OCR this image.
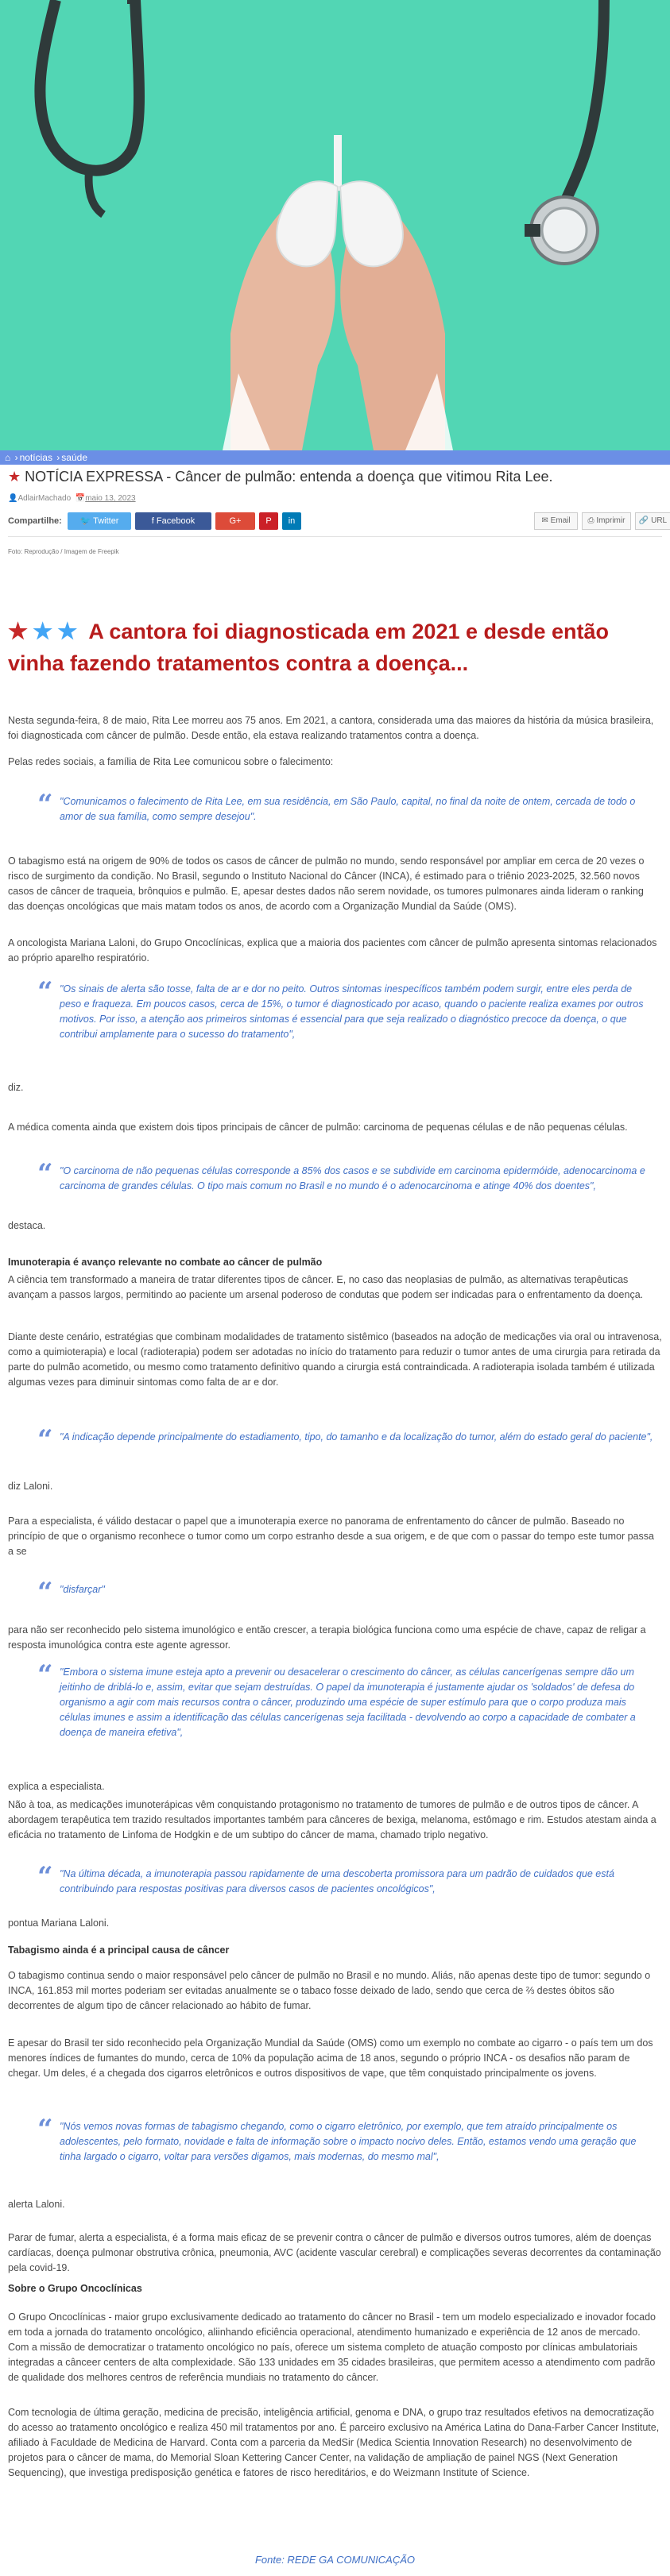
⌂ › notícias › saúde
★ NOTÍCIA EXPRESSA - Câncer de pulmão: entenda a doença que vitimou Rita Lee.
👤AdlairMachado 📅maio 13, 2023
Compartilhe:	🐦 Twitter	f Facebook	G+	P	in	✉ Email	⎙ Imprimir	🔗 URL
Foto: Reprodução / Imagem de Freepik
★ ★ ★ A cantora foi diagnosticada em 2021 e desde então vinha fazendo tratamentos contra a doença...

Nesta segunda-feira, 8 de maio, Rita Lee morreu aos 75 anos. Em 2021, a cantora, considerada uma das maiores da história da música brasileira, foi diagnosticada com câncer de pulmão. Desde então, ela estava realizando tratamentos contra a doença.

Pelas redes sociais, a família de Rita Lee comunicou sobre o falecimento:

“ "Comunicamos o falecimento de Rita Lee, em sua residência, em São Paulo, capital, no final da noite de ontem, cercada de todo o amor de sua família, como sempre desejou".

O tabagismo está na origem de 90% de todos os casos de câncer de pulmão no mundo, sendo responsável por ampliar em cerca de 20 vezes o risco de surgimento da condição. No Brasil, segundo o Instituto Nacional do Câncer (INCA), é estimado para o triênio 2023-2025, 32.560 novos casos de câncer de traqueia, brônquios e pulmão. E, apesar destes dados não serem novidade, os tumores pulmonares ainda lideram o ranking das doenças oncológicas que mais matam todos os anos, de acordo com a Organização Mundial da Saúde (OMS).

A oncologista Mariana Laloni, do Grupo Oncoclínicas, explica que a maioria dos pacientes com câncer de pulmão apresenta sintomas relacionados ao próprio aparelho respiratório.

“ "Os sinais de alerta são tosse, falta de ar e dor no peito. Outros sintomas inespecíficos também podem surgir, entre eles perda de peso e fraqueza. Em poucos casos, cerca de 15%, o tumor é diagnosticado por acaso, quando o paciente realiza exames por outros motivos. Por isso, a atenção aos primeiros sintomas é essencial para que seja realizado o diagnóstico precoce da doença, o que contribui amplamente para o sucesso do tratamento",

diz.

A médica comenta ainda que existem dois tipos principais de câncer de pulmão: carcinoma de pequenas células e de não pequenas células.

“ "O carcinoma de não pequenas células corresponde a 85% dos casos e se subdivide em carcinoma epidermóide, adenocarcinoma e carcinoma de grandes células. O tipo mais comum no Brasil e no mundo é o adenocarcinoma e atinge 40% dos doentes",

destaca.

Imunoterapia é avanço relevante no combate ao câncer de pulmão

A ciência tem transformado a maneira de tratar diferentes tipos de câncer. E, no caso das neoplasias de pulmão, as alternativas terapêuticas avançam a passos largos, permitindo ao paciente um arsenal poderoso de condutas que podem ser indicadas para o enfrentamento da doença.

Diante deste cenário, estratégias que combinam modalidades de tratamento sistêmico (baseados na adoção de medicações via oral ou intravenosa, como a quimioterapia) e local (radioterapia) podem ser adotadas no início do tratamento para reduzir o tumor antes de uma cirurgia para retirada da parte do pulmão acometido, ou mesmo como tratamento definitivo quando a cirurgia está contraindicada. A radioterapia isolada também é utilizada algumas vezes para diminuir sintomas como falta de ar e dor.

“ "A indicação depende principalmente do estadiamento, tipo, do tamanho e da localização do tumor, além do estado geral do paciente",

diz Laloni.

Para a especialista, é válido destacar o papel que a imunoterapia exerce no panorama de enfrentamento do câncer de pulmão. Baseado no princípio de que o organismo reconhece o tumor como um corpo estranho desde a sua origem, e de que com o passar do tempo este tumor passa a se

“ "disfarçar"

para não ser reconhecido pelo sistema imunológico e então crescer, a terapia biológica funciona como uma espécie de chave, capaz de religar a resposta imunológica contra este agente agressor.

“ "Embora o sistema imune esteja apto a prevenir ou desacelerar o crescimento do câncer, as células cancerígenas sempre dão um jeitinho de driblá-lo e, assim, evitar que sejam destruídas. O papel da imunoterapia é justamente ajudar os 'soldados' de defesa do organismo a agir com mais recursos contra o câncer, produzindo uma espécie de super estímulo para que o corpo produza mais células imunes e assim a identificação das células cancerígenas seja facilitada - devolvendo ao corpo a capacidade de combater a doença de maneira efetiva",

explica a especialista.

Não à toa, as medicações imunoterápicas vêm conquistando protagonismo no tratamento de tumores de pulmão e de outros tipos de câncer. A abordagem terapêutica tem trazido resultados importantes também para cânceres de bexiga, melanoma, estômago e rim. Estudos atestam ainda a eficácia no tratamento de Linfoma de Hodgkin e de um subtipo do câncer de mama, chamado triplo negativo.

“ "Na última década, a imunoterapia passou rapidamente de uma descoberta promissora para um padrão de cuidados que está contribuindo para respostas positivas para diversos casos de pacientes oncológicos",

pontua Mariana Laloni.

Tabagismo ainda é a principal causa de câncer

O tabagismo continua sendo o maior responsável pelo câncer de pulmão no Brasil e no mundo. Aliás, não apenas deste tipo de tumor: segundo o INCA, 161.853 mil mortes poderiam ser evitadas anualmente se o tabaco fosse deixado de lado, sendo que cerca de ⅔ destes óbitos são decorrentes de algum tipo de câncer relacionado ao hábito de fumar.

E apesar do Brasil ter sido reconhecido pela Organização Mundial da Saúde (OMS) como um exemplo no combate ao cigarro - o país tem um dos menores índices de fumantes do mundo, cerca de 10% da população acima de 18 anos, segundo o próprio INCA - os desafios não param de chegar. Um deles, é a chegada dos cigarros eletrônicos e outros dispositivos de vape, que têm conquistado principalmente os jovens.

“ "Nós vemos novas formas de tabagismo chegando, como o cigarro eletrônico, por exemplo, que tem atraído principalmente os adolescentes, pelo formato, novidade e falta de informação sobre o impacto nocivo deles. Então, estamos vendo uma geração que tinha largado o cigarro, voltar para versões digamos, mais modernas, do mesmo mal",

alerta Laloni.

Parar de fumar, alerta a especialista, é a forma mais eficaz de se prevenir contra o câncer de pulmão e diversos outros tumores, além de doenças cardíacas, doença pulmonar obstrutiva crônica, pneumonia, AVC (acidente vascular cerebral) e complicações severas decorrentes da contaminação pela covid-19.

Sobre o Grupo Oncoclínicas

O Grupo Oncoclínicas - maior grupo exclusivamente dedicado ao tratamento do câncer no Brasil - tem um modelo especializado e inovador focado em toda a jornada do tratamento oncológico, aliinhando eficiência operacional, atendimento humanizado e experiência de 12 anos de mercado. Com a missão de democratizar o tratamento oncológico no país, oferece um sistema completo de atuação composto por clínicas ambulatoriais integradas a cânceer centers de alta complexidade. São 133 unidades em 35 cidades brasileiras, que permitem acesso a atendimento com padrão de qualidade dos melhores centros de referência mundiais no tratamento do câncer.

Com tecnologia de última geração, medicina de precisão, inteligência artificial, genoma e DNA, o grupo traz resultados efetivos na democratização do acesso ao tratamento oncológico e realiza 450 mil tratamentos por ano. É parceiro exclusivo na América Latina do Dana-Farber Cancer Institute, afiliado à Faculdade de Medicina de Harvard. Conta com a parceria da MedSir (Medica Scientia Innovation Research) no desenvolvimento de projetos para o câncer de mama, do Memorial Sloan Kettering Cancer Center, na validação de ampliação de painel NGS (Next Generation Sequencing), que investiga predisposição genética e fatores de risco hereditários, e do Weizmann Institute of Science.

Fonte: REDE GA COMUNICAÇÃO
